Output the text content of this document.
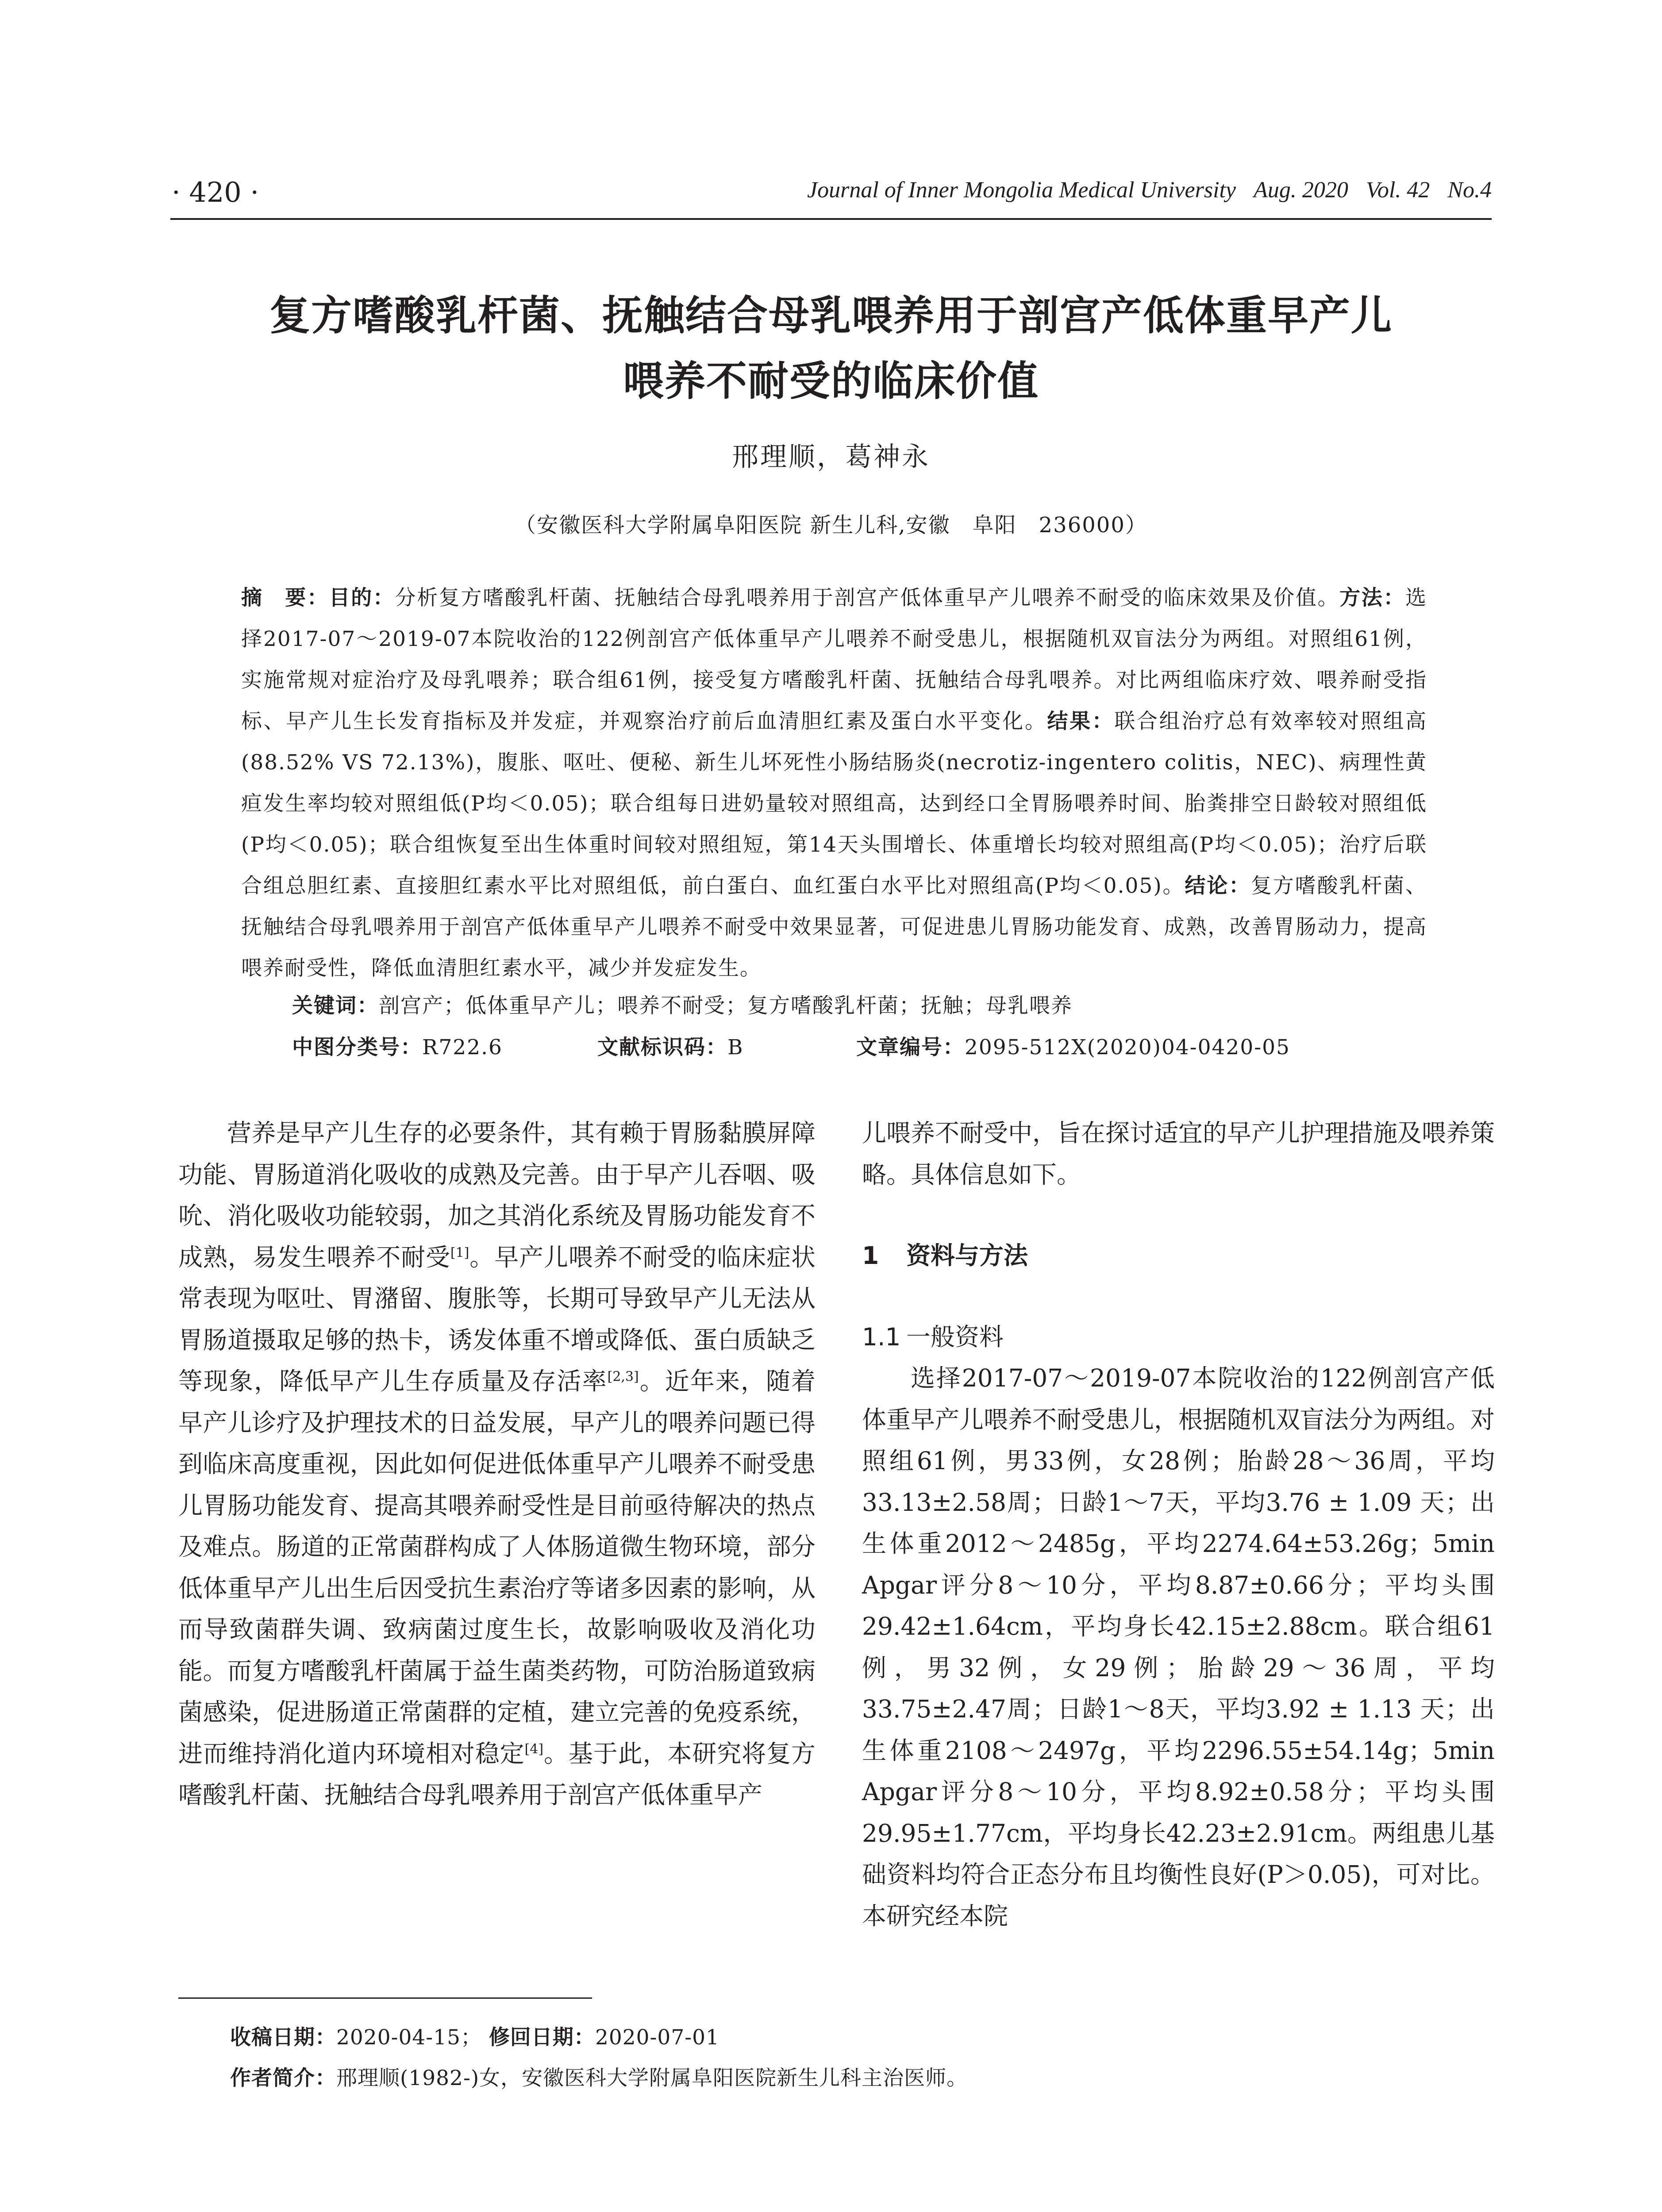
· 420 ·	Journal of Inner Mongolia Medical University Aug. 2020 Vol. 42 No.4
复方嗜酸乳杆菌、抚触结合母乳喂养用于剖宫产低体重早产儿
喂养不耐受的临床价值
邢理顺，葛神永
（安徽医科大学附属阜阳医院 新生儿科,安徽　阜阳　236000）
摘　要：目的：分析复方嗜酸乳杆菌、抚触结合母乳喂养用于剖宫产低体重早产儿喂养不耐受的临床效果及价值。方法：选择2017-07～2019-07本院收治的122例剖宫产低体重早产儿喂养不耐受患儿，根据随机双盲法分为两组。对照组61例，实施常规对症治疗及母乳喂养；联合组61例，接受复方嗜酸乳杆菌、抚触结合母乳喂养。对比两组临床疗效、喂养耐受指标、早产儿生长发育指标及并发症，并观察治疗前后血清胆红素及蛋白水平变化。结果：联合组治疗总有效率较对照组高(88.52% VS 72.13%)，腹胀、呕吐、便秘、新生儿坏死性小肠结肠炎(necrotiz-ingentero colitis，NEC)、病理性黄疸发生率均较对照组低(P均＜0.05)；联合组每日进奶量较对照组高，达到经口全胃肠喂养时间、胎粪排空日龄较对照组低(P均＜0.05)；联合组恢复至出生体重时间较对照组短，第14天头围增长、体重增长均较对照组高(P均＜0.05)；治疗后联合组总胆红素、直接胆红素水平比对照组低，前白蛋白、血红蛋白水平比对照组高(P均＜0.05)。结论：复方嗜酸乳杆菌、抚触结合母乳喂养用于剖宫产低体重早产儿喂养不耐受中效果显著，可促进患儿胃肠功能发育、成熟，改善胃肠动力，提高喂养耐受性，降低血清胆红素水平，减少并发症发生。
关键词：剖宫产；低体重早产儿；喂养不耐受；复方嗜酸乳杆菌；抚触；母乳喂养
中图分类号：R722.6	文献标识码：B	文章编号：2095-512X(2020)04-0420-05

营养是早产儿生存的必要条件，其有赖于胃肠黏膜屏障功能、胃肠道消化吸收的成熟及完善。由于早产儿吞咽、吸吮、消化吸收功能较弱，加之其消化系统及胃肠功能发育不成熟，易发生喂养不耐受[1]。早产儿喂养不耐受的临床症状常表现为呕吐、胃潴留、腹胀等，长期可导致早产儿无法从胃肠道摄取足够的热卡，诱发体重不增或降低、蛋白质缺乏等现象，降低早产儿生存质量及存活率[2,3]。近年来，随着早产儿诊疗及护理技术的日益发展，早产儿的喂养问题已得到临床高度重视，因此如何促进低体重早产儿喂养不耐受患儿胃肠功能发育、提高其喂养耐受性是目前亟待解决的热点及难点。肠道的正常菌群构成了人体肠道微生物环境，部分低体重早产儿出生后因受抗生素治疗等诸多因素的影响，从而导致菌群失调、致病菌过度生长，故影响吸收及消化功能。而复方嗜酸乳杆菌属于益生菌类药物，可防治肠道致病菌感染，促进肠道正常菌群的定植，建立完善的免疫系统，进而维持消化道内环境相对稳定[4]。基于此，本研究将复方嗜酸乳杆菌、抚触结合母乳喂养用于剖宫产低体重早产

儿喂养不耐受中，旨在探讨适宜的早产儿护理措施及喂养策略。具体信息如下。

1 资料与方法
1.1 一般资料

选择2017-07～2019-07本院收治的122例剖宫产低体重早产儿喂养不耐受患儿，根据随机双盲法分为两组。对照组61例，男33例，女28例；胎龄28～36周，平均33.13±2.58周；日龄1～7天，平均3.76 ± 1.09 天；出生体重2012～2485g，平均2274.64±53.26g；5min Apgar评分8～10分，平均8.87±0.66分；平均头围29.42±1.64cm，平均身长42.15±2.88cm。联合组61例，男32例，女29例；胎龄29～36周，平均33.75±2.47周；日龄1～8天，平均3.92 ± 1.13 天；出生体重2108～2497g，平均2296.55±54.14g；5min Apgar评分8～10分，平均8.92±0.58分；平均头围29.95±1.77cm，平均身长42.23±2.91cm。两组患儿基础资料均符合正态分布且均衡性良好(P＞0.05)，可对比。本研究经本院

收稿日期：2020-04-15； 修回日期：2020-07-01
作者简介：邢理顺(1982-)女，安徽医科大学附属阜阳医院新生儿科主治医师。
